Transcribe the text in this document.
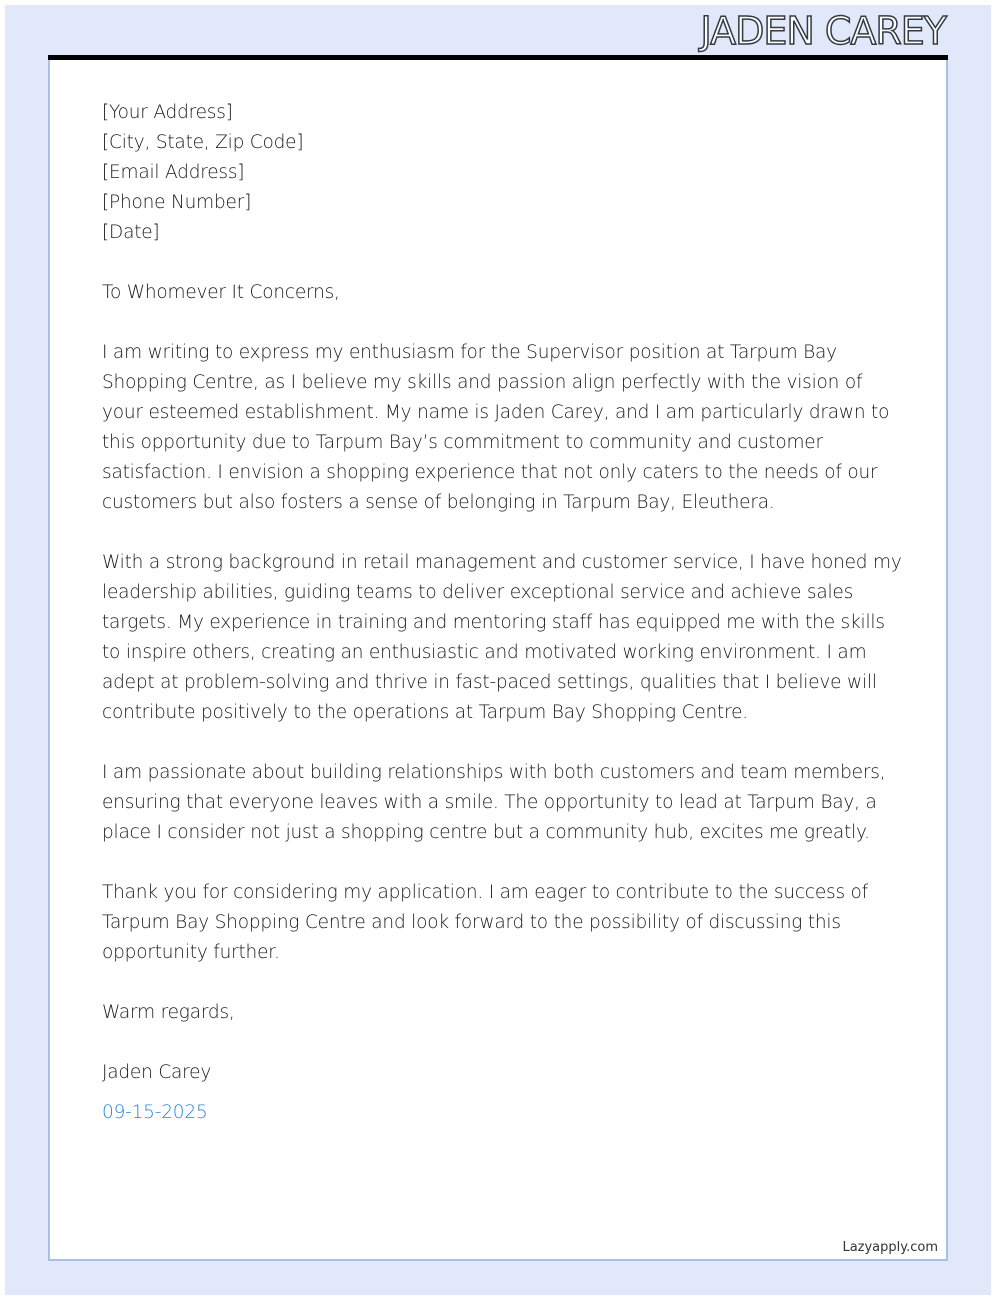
JADEN CAREY

[Your Address]
[City, State, Zip Code]
[Email Address]
[Phone Number]
[Date]

To Whomever It Concerns,

I am writing to express my enthusiasm for the Supervisor position at Tarpum Bay Shopping Centre, as I believe my skills and passion align perfectly with the vision of your esteemed establishment. My name is Jaden Carey, and I am particularly drawn to this opportunity due to Tarpum Bay’s commitment to community and customer satisfaction. I envision a shopping experience that not only caters to the needs of our customers but also fosters a sense of belonging in Tarpum Bay, Eleuthera.

With a strong background in retail management and customer service, I have honed my leadership abilities, guiding teams to deliver exceptional service and achieve sales targets. My experience in training and mentoring staff has equipped me with the skills to inspire others, creating an enthusiastic and motivated working environment. I am adept at problem-solving and thrive in fast-paced settings, qualities that I believe will contribute positively to the operations at Tarpum Bay Shopping Centre.

I am passionate about building relationships with both customers and team members, ensuring that everyone leaves with a smile. The opportunity to lead at Tarpum Bay, a place I consider not just a shopping centre but a community hub, excites me greatly.

Thank you for considering my application. I am eager to contribute to the success of Tarpum Bay Shopping Centre and look forward to the possibility of discussing this opportunity further.

Warm regards,

Jaden Carey

09-15-2025

Lazyapply.com
